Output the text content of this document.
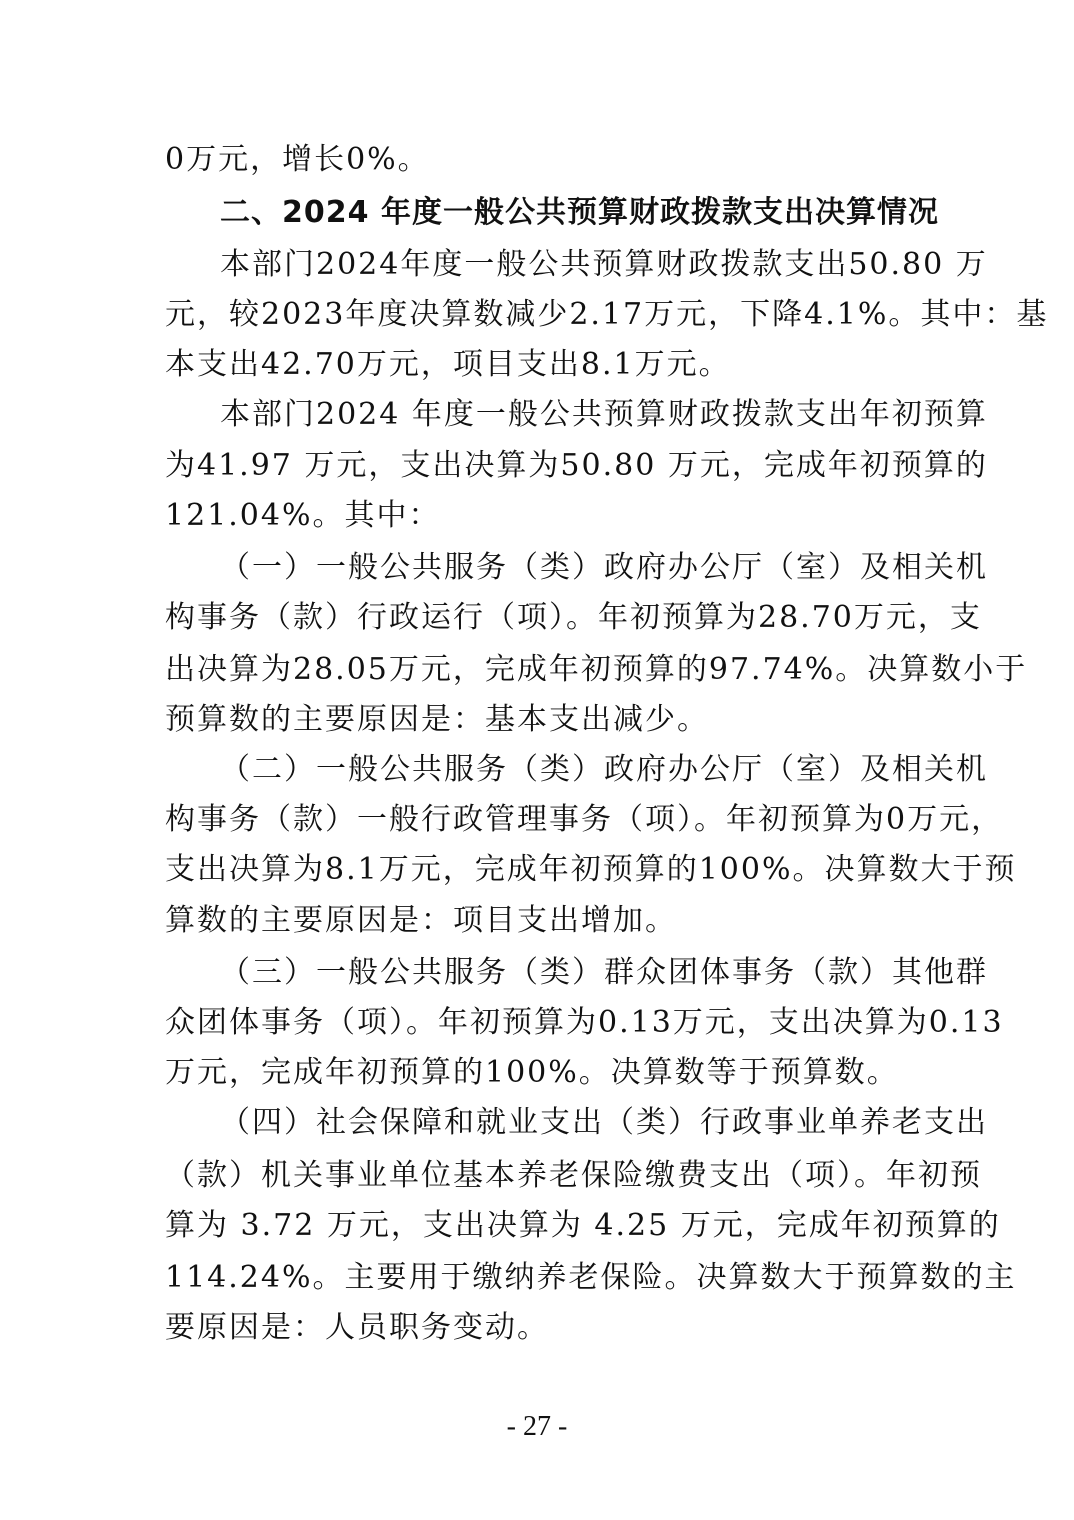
0万元，增长0%。
二、2024 年度一般公共预算财政拨款支出决算情况
本部门2024年度一般公共预算财政拨款支出50.80 万
元，较2023年度决算数减少2.17万元，下降4.1%。其中：基
本支出42.70万元，项目支出8.1万元。
本部门2024 年度一般公共预算财政拨款支出年初预算
为41.97 万元，支出决算为50.80 万元，完成年初预算的
121.04%。其中：
（一）一般公共服务（类）政府办公厅（室）及相关机
构事务（款）行政运行（项）。年初预算为28.70万元，支
出决算为28.05万元，完成年初预算的97.74%。决算数小于
预算数的主要原因是：基本支出减少。
（二）一般公共服务（类）政府办公厅（室）及相关机
构事务（款）一般行政管理事务（项）。年初预算为0万元，
支出决算为8.1万元，完成年初预算的100%。决算数大于预
算数的主要原因是：项目支出增加。
（三）一般公共服务（类）群众团体事务（款）其他群
众团体事务（项）。年初预算为0.13万元，支出决算为0.13
万元，完成年初预算的100%。决算数等于预算数。
（四）社会保障和就业支出（类）行政事业单养老支出
（款）机关事业单位基本养老保险缴费支出（项）。年初预
算为 3.72 万元，支出决算为 4.25 万元，完成年初预算的
114.24%。主要用于缴纳养老保险。决算数大于预算数的主
要原因是：人员职务变动。
- 27 -
